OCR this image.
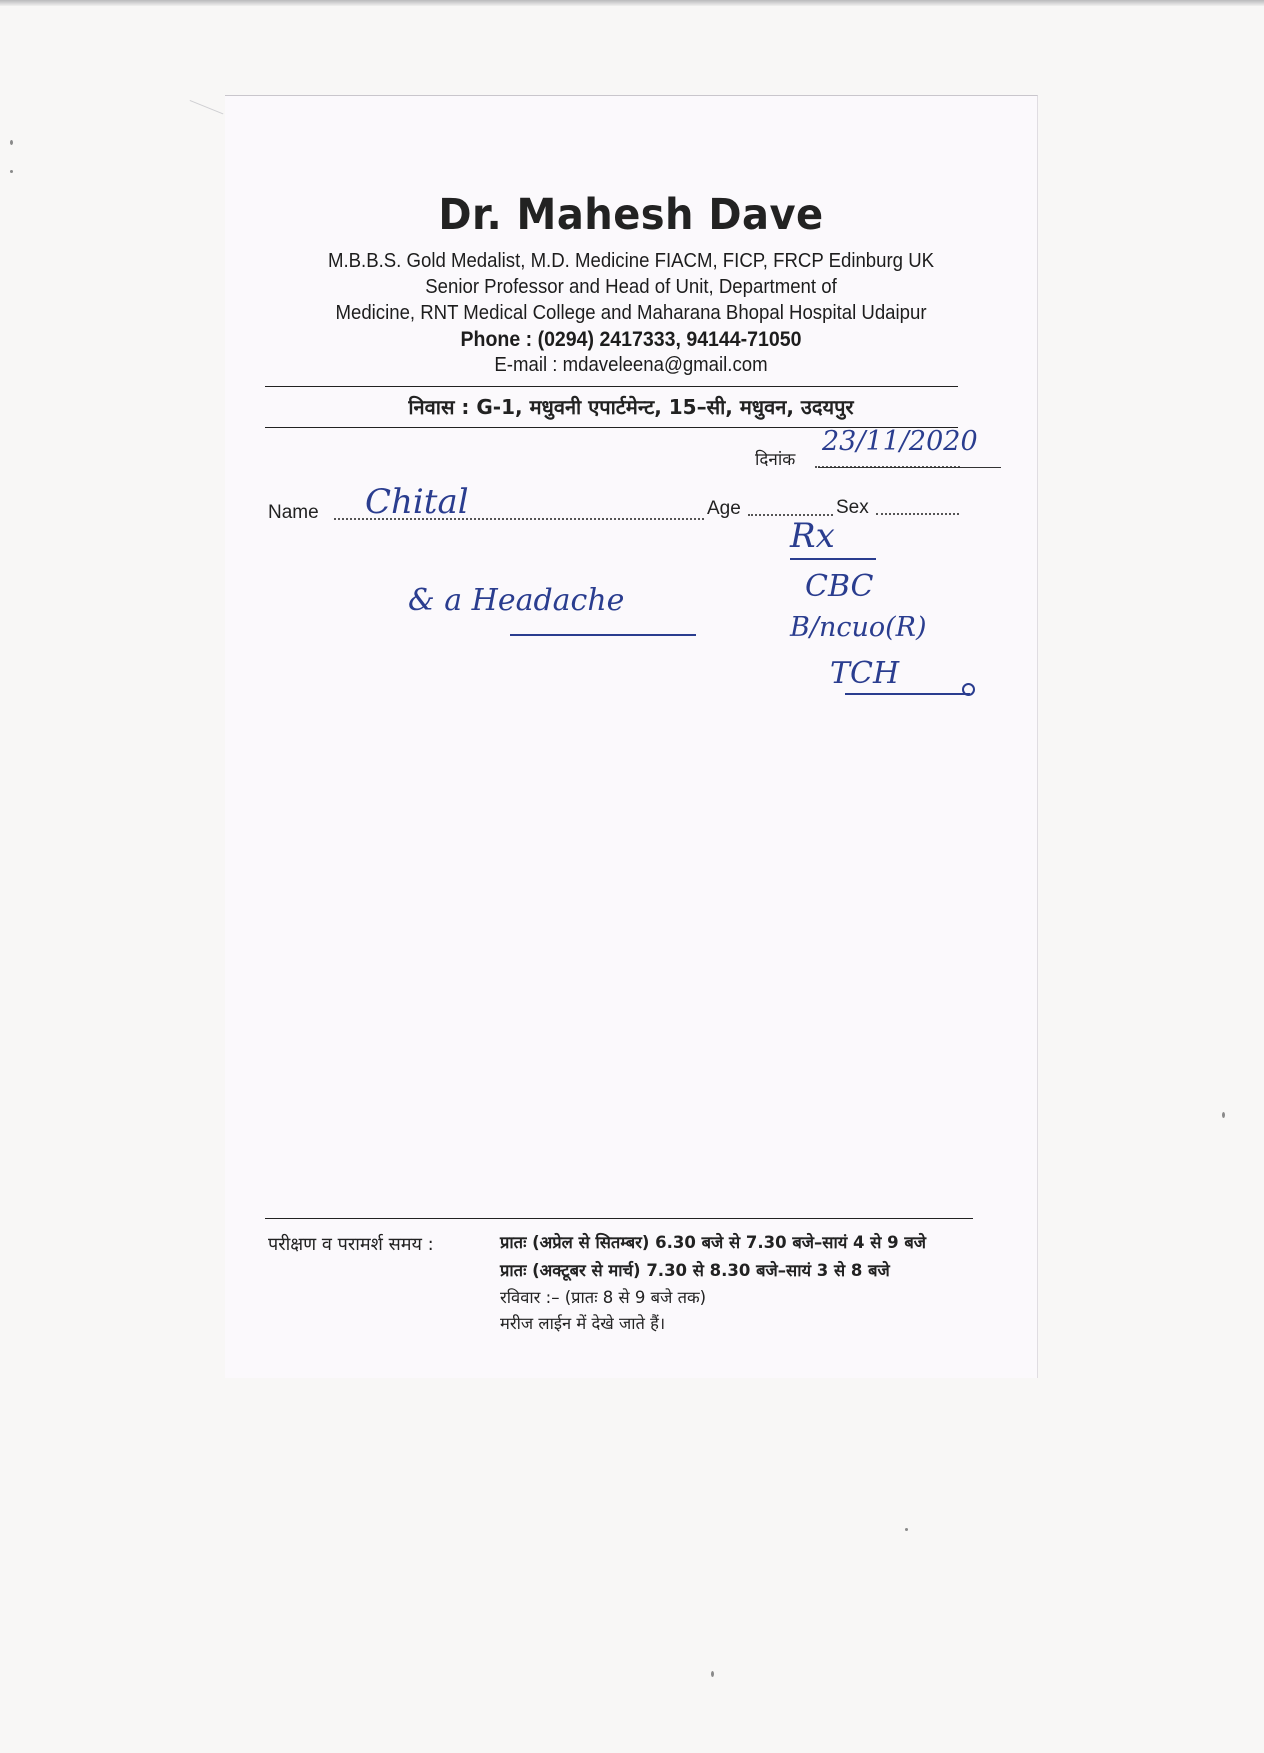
Dr. Mahesh Dave
M.B.B.S. Gold Medalist, M.D. Medicine FIACM, FICP, FRCP Edinburg UK
Senior Professor and Head of Unit, Department of
Medicine, RNT Medical College and Maharana Bhopal Hospital Udaipur
Phone : (0294) 2417333, 94144-71050
E-mail : mdaveleena@gmail.com
निवास : G-1, मधुवनी एपार्टमेन्ट, 15–सी, मधुवन, उदयपुर
दिनांक
23/11/2020
Name Chital	Age	Sex
& a Headache
Rx
CBC
B/ncuo(R)
TCH
परीक्षण व परामर्श समय :	प्रातः (अप्रेल से सितम्बर) 6.30 बजे से 7.30 बजे–सायं 4 से 9 बजे
प्रातः (अक्टूबर से मार्च) 7.30 से 8.30 बजे–सायं 3 से 8 बजे
रविवार :– (प्रातः 8 से 9 बजे तक)
मरीज लाईन में देखे जाते हैं।
